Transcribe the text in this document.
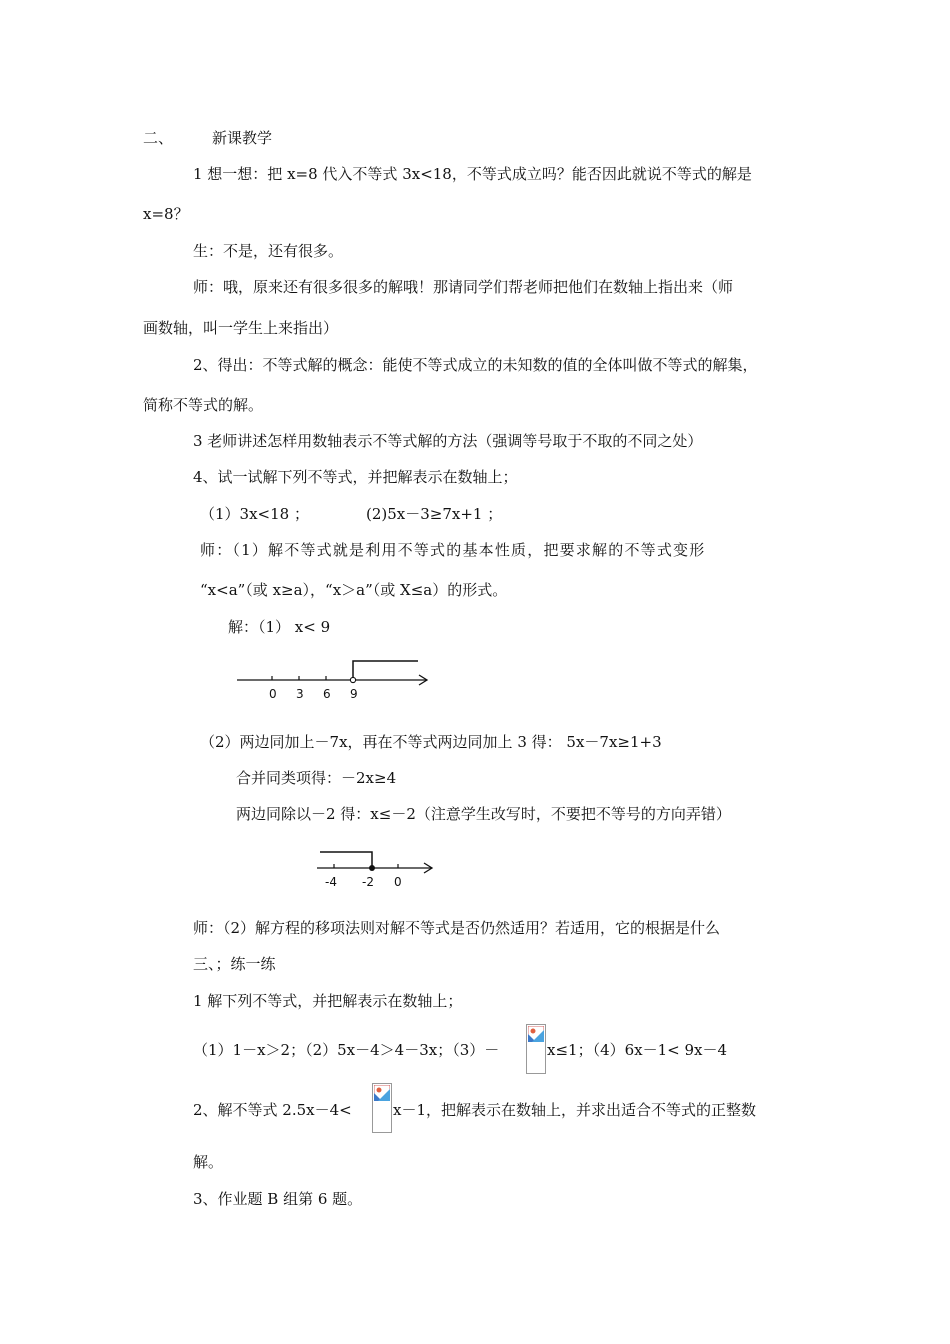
二、	新课教学
1 想一想：把 x=8 代入不等式 3x<18，不等式成立吗？能否因此就说不等式的解是
x=8？
生：不是，还有很多。
师：哦，原来还有很多很多的解哦！那请同学们帮老师把他们在数轴上指出来（师
画数轴，叫一学生上来指出）
2、得出：不等式解的概念：能使不等式成立的未知数的值的全体叫做不等式的解集，
简称不等式的解。
3 老师讲述怎样用数轴表示不等式解的方法（强调等号取于不取的不同之处）
4、试一试解下列不等式，并把解表示在数轴上；
（1）3x<18 ；	(2)5x－3≥7x+1 ；
师：（1）解不等式就是利用不等式的基本性质，把要求解的不等式变形
“x<a”（或 x≥a），“x＞a”（或 X≤a）的形式。
解：（1） x< 9
0 3 6 9
（2）两边同加上－7x，再在不等式两边同加上 3 得： 5x－7x≥1+3
合并同类项得：－2x≥4
两边同除以－2 得：x≤－2（注意学生改写时，不要把不等号的方向弄错）
-4 -2 0
师：（2）解方程的移项法则对解不等式是否仍然适用？若适用，它的根据是什么
三、；练一练
1 解下列不等式，并把解表示在数轴上；
（1）1－x＞2；（2）5x－4＞4－3x；（3）－	x≤1；（4）6x－1< 9x－4
2、解不等式 2.5x－4<	x－1，把解表示在数轴上，并求出适合不等式的正整数
解。
3、作业题 B 组第 6 题。
